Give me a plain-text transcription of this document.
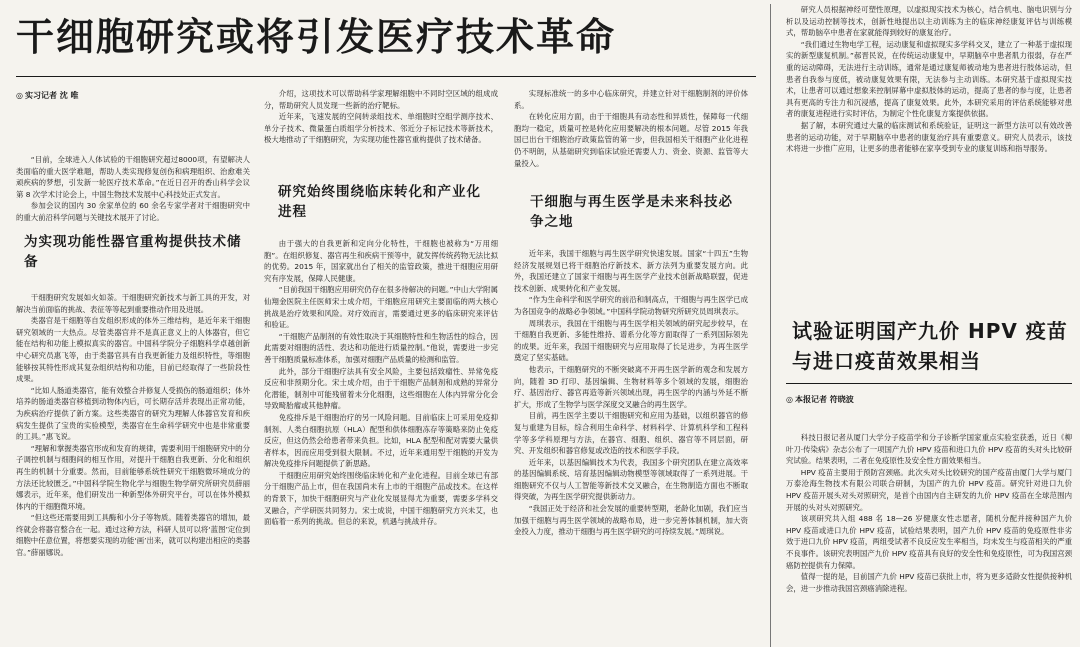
干细胞研究或将引发医疗技术革命
◎ 实习记者 沈 唯

“目前，全球进入人体试验的干细胞研究超过8000项，有望解决人类面临的重大医学难题，帮助人类实现修复创伤和病理组织、治愈难关顽疾病的梦想，引发新一轮医疗技术革命。”在近日召开的香山科学会议第 8 次学术讨论会上，中国生物技术发展中心科技处正式发言。

参加会议的国内 30 余家单位的 60 余名专家学者对干细胞研究中的重大前沿科学问题与关键技术展开了讨论。

为实现功能性器官重构提供技术储备

干细胞研究发展如火如荼。干细胞研究新技术与新工具的开发，对解决当前面临的挑战、表征等等起到重要推动作用及进展。

类器官是干细胞等自发组织形成的体外三维结构，是近年来干细胞研究领域的一大热点。尽管类器官并不是真正意义上的人体器官，但它能在结构和功能上模拟真实的器官。中国科学院分子细胞科学卓越创新中心研究员惠飞等，由于类器官具有自我更新能力及组织特性，等细胞能够按其特性形成其复杂组织结构和功能，目前已经取得了一些阶段性成果。

“比如人肠道类器官，能有效整合并修复人受损伤的肠道组织；体外培养的肠道类器官移植到动物体内后，可长期存活并表现出正常功能，为疾病治疗提供了新方案。这些类器官的研究为理解人体器官发育和疾病发生提供了宝贵的实验模型，类器官在生命科学研究中也是非常重要的工具。”惠飞说。

“理解和掌握类器官形成和发育的规律，需要利用干细胞研究中的分子调控机制与细胞间的相互作用，对提升干细胞自我更新、分化和组织再生的机制十分重要。然而，目前能够系统性研究干细胞微环境成分的方法还比较匮乏。”中国科学院生物化学与细胞生物学研究所研究员薛丽娜表示，近年来，他们研发出一种新型体外研究平台，可以在体外模拟体内的干细胞微环境。

“但这些还需要用到工具酶和小分子等物质。随着类器官的增加，最终就会将器官整合在一起。通过这种方法，科研人员可以将‘蓝图’定位到细胞中任意位置，将想要实现的功能‘画’出来，就可以构建出相应的类器官。”薛丽娜说。

介绍，这项技术可以帮助科学家理解细胞中不同时空区域的组成成分，帮助研究人员发现一些新的治疗靶标。

近年来，飞速发展的空间转录组技术、单细胞时空组学测序技术、单分子技术、微量蛋白质组学分析技术、邻近分子标记技术等新技术，极大地推动了干细胞研究，为实现功能性器官重构提供了技术储备。

研究始终围绕临床转化和产业化进程

由于强大的自我更新和定向分化特性，干细胞也被称为“万用细胞”。在组织修复、器官再生和疾病干预等中，就发挥传统药物无法比拟的优势。2015 年，国家就出台了相关的监管政策，推进干细胞应用研究有序发展，保障人民健康。

“目前我国干细胞应用研究仍存在很多待解决的问题。”中山大学附属仙翔金医院主任医师宋士成介绍，干细胞应用研究主要面临的两大核心挑战是治疗效果和风险。对疗效而言，需要通过更多的临床研究来评估和验证。

“干细胞产品制剂的有效性取决于其细胞特性和生物活性的综合，因此需要对细胞的活性、表达和功能进行质量控制。”他说，需要进一步完善干细胞质量标准体系，加强对细胞产品质量的检测和监管。

此外，部分干细胞疗法具有安全风险，主要包括致瘤性、异常免疫反应和非预期分化。宋士成介绍，由于干细胞产品制剂和成熟的异常分化潜能，制剂中可能残留着未分化细胞，这些细胞在人体内异常分化会导致畸胎瘤或其他肿瘤。

免疫排斥是干细胞治疗的另一风险问题。目前临床上可采用免疫抑制剂、人类白细胞抗原（HLA）配型和供体细胞冻存等策略来防止免疫反应，但这仍然会给患者带来负担。比如，HLA 配型和配对需要大量供者样本，因而应用受到很大限制。不过，近年来通用型干细胞的开发为解决免疫排斥问题提供了新思路。

干细胞应用研究始终围绕临床转化和产业化进程。目前全球已有部分干细胞产品上市，但在我国尚未有上市的干细胞产品或技术。在这样的背景下，加快干细胞研究与产业化发展显得尤为重要，需要多学科交叉融合，产学研医共同努力。宋士成说，中国干细胞研究方兴未艾，也面临着一系列的挑战。但总的来说，机遇与挑战并存。

实现标准统一的多中心临床研究，并建立针对干细胞制剂的评价体系。

在转化应用方面，由于干细胞具有动态性和异质性，保障每一代细胞均一稳定，质量可控是转化应用要解决的根本问题。尽管 2015 年我国已出台干细胞治疗政策监管的第一步，但我国相关干细胞产业化进程仍不明朗，从基础研究到临床试验还需要人力、资金、资源、监管等大量投入。

干细胞与再生医学是未来科技必争之地

近年来，我国干细胞与再生医学研究快速发展。国家“十四五”生物经济发展规划已将干细胞治疗新技术、新方法列为重要发展方向。此外，我国还建立了国家干细胞与再生医学产业技术创新战略联盟，促进技术创新、成果转化和产业发展。

“作为生命科学和医学研究的前沿和制高点，干细胞与再生医学已成为各国竞争的战略必争领域。”中国科学院动物研究所研究员周琪表示。

周琪表示，我国在干细胞与再生医学相关领域的研究起步较早，在干细胞自我更新、多能性维持、谱系分化等方面取得了一系列国际领先的成果。近年来，我国干细胞研究与应用取得了长足进步，为再生医学奠定了坚实基础。

他表示，干细胞研究的不断突破离不开再生医学新的观念和发展方向，随着 3D 打印、基因编辑、生物材料等多个领域的发展，细胞治疗、基因治疗、器官再造等新兴领域出现，再生医学的内涵与外延不断扩大，形成了生物学与医学深度交叉融合的再生医学。

目前，再生医学主要以干细胞研究和应用为基础，以组织器官的修复与重建为目标，综合利用生命科学、材料科学、计算机科学和工程科学等多学科原理与方法，在器官、细胞、组织、器官等不同层面，研究、开发组织和器官修复或改造的技术和医学手段。

近年来，以基因编辑技术为代表，我国多个研究团队在建立高效率的基因编辑系统、培育基因编辑动物模型等领域取得了一系列进展。干细胞研究不仅与人工智能等新技术交叉融合，在生物制造方面也不断取得突破，为再生医学研究提供新动力。

“我国正处于经济和社会发展的重要转型期，老龄化加剧，我们应当加强干细胞与再生医学领域的战略布局，进一步完善体制机制，加大资金投入力度，推动干细胞与再生医学研究的可持续发展。”周琪说。

研究人员根据神经可塑性原理，以虚拟现实技术为核心，结合机电、脑电识别与分析以及运动控制等技术，创新性地提出以主动训练为主的临床神经康复评估与训练模式，帮助脑卒中患者在家就能得到较好的康复治疗。

“我们通过生物电学工程，运动康复和虚拟现实多学科交叉，建立了一种基于虚拟现实的新型康复机制。”郝晋民说，在传统运动康复中，早期脑卒中患者肌力很弱，存在严重的运动障碍，无法进行主动训练，通常是通过康复师被动地为患者进行肢体运动，但患者自我参与度低，被动康复效果有限，无法参与主动训练。本研究基于虚拟现实技术，让患者可以通过想象来控制屏幕中虚拟肢体的运动，提高了患者的参与度，让患者具有更高的专注力和沉浸感，提高了康复效果。此外，本研究采用的评估系统能够对患者的康复进程进行实时评估，为制定个性化康复方案提供依据。

据了解，本研究通过大量的临床测试和系统验证，证明这一新型方法可以有效改善患者的运动功能，对于早期脑卒中患者的康复治疗具有重要意义。研究人员表示，该技术将进一步推广应用，让更多的患者能够在家享受到专业的康复训练和指导服务。

试验证明国产九价 HPV 疫苗与进口疫苗效果相当
◎ 本报记者 符晓波

科技日报记者从厦门大学分子疫苗学和分子诊断学国家重点实验室获悉，近日《柳叶刀·传染病》杂志公布了一项国产九价 HPV 疫苗和进口九价 HPV 疫苗的头对头比较研究试验。结果表明，二者在免疫原性及安全性方面效果相当。

HPV 疫苗主要用于预防宫颈癌。此次头对头比较研究的国产疫苗由厦门大学与厦门万泰沧海生物技术有限公司联合研制，为国产的九价 HPV 疫苗。研究针对进口九价 HPV 疫苗开展头对头对照研究，是首个由国内自主研发的九价 HPV 疫苗在全球范围内开展的头对头对照研究。

该项研究共入组 488 名 18—26 岁健康女性志愿者，随机分配并接种国产九价 HPV 疫苗或进口九价 HPV 疫苗，试验结果表明，国产九价 HPV 疫苗的免疫原性非劣效于进口九价 HPV 疫苗，两组受试者不良反应发生率相当，均未发生与疫苗相关的严重不良事件。该研究表明国产九价 HPV 疫苗具有良好的安全性和免疫原性，可为我国宫颈癌防控提供有力保障。

值得一提的是，目前国产九价 HPV 疫苗已获批上市，将为更多适龄女性提供接种机会，进一步推动我国宫颈癌消除进程。
